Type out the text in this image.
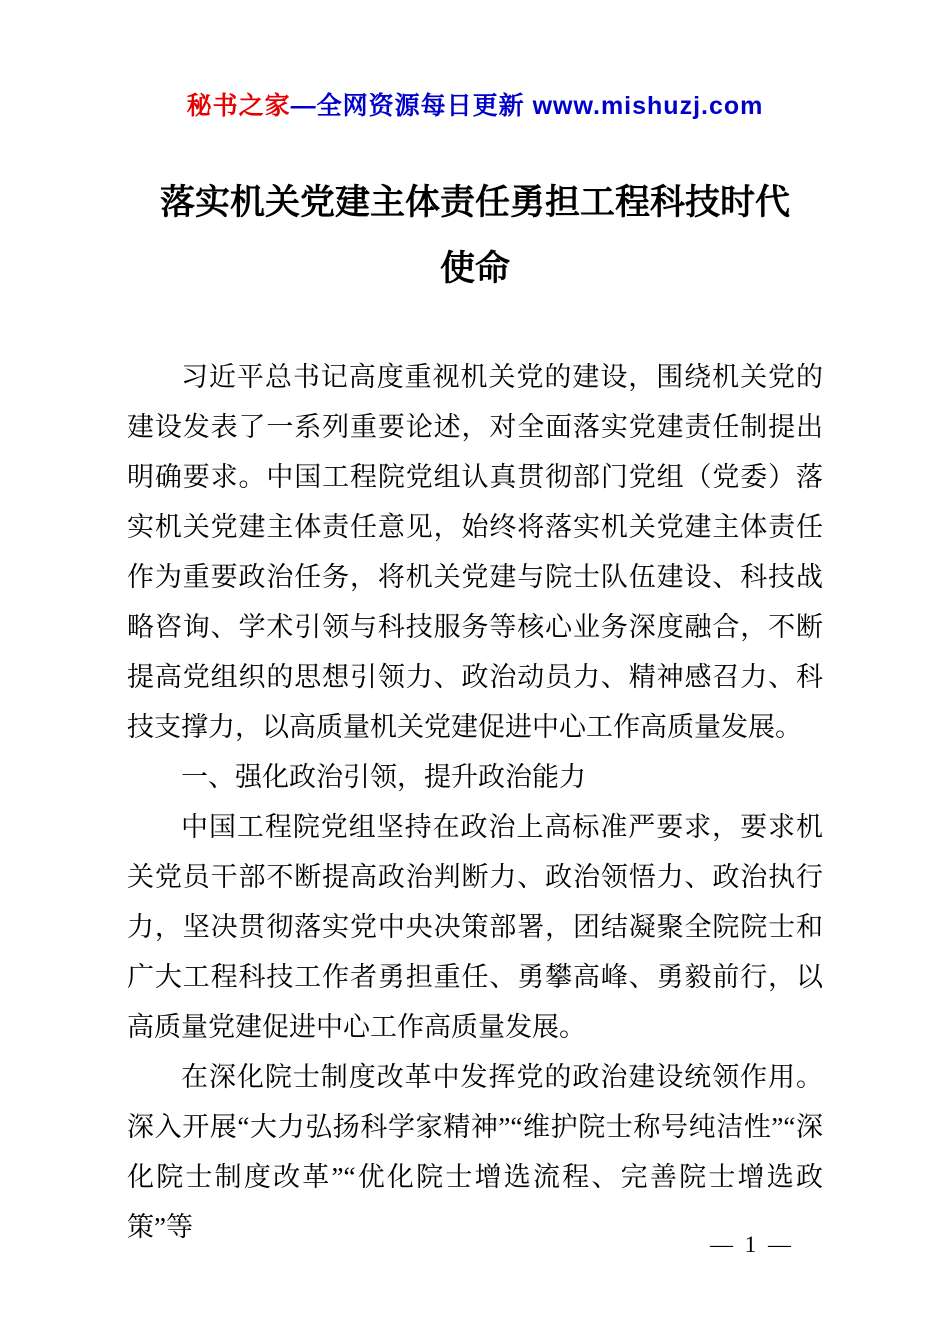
秘书之家—全网资源每日更新 www.mishuzj.com
落实机关党建主体责任勇担工程科技时代
使命

习近平总书记高度重视机关党的建设，围绕机关党的建设发表了一系列重要论述，对全面落实党建责任制提出明确要求。中国工程院党组认真贯彻部门党组（党委）落实机关党建主体责任意见，始终将落实机关党建主体责任作为重要政治任务，将机关党建与院士队伍建设、科技战略咨询、学术引领与科技服务等核心业务深度融合，不断提高党组织的思想引领力、政治动员力、精神感召力、科技支撑力，以高质量机关党建促进中心工作高质量发展。

一、强化政治引领，提升政治能力

中国工程院党组坚持在政治上高标准严要求，要求机关党员干部不断提高政治判断力、政治领悟力、政治执行力，坚决贯彻落实党中央决策部署，团结凝聚全院院士和广大工程科技工作者勇担重任、勇攀高峰、勇毅前行，以高质量党建促进中心工作高质量发展。

在深化院士制度改革中发挥党的政治建设统领作用。深入开展“大力弘扬科学家精神”“维护院士称号纯洁性”“深化院士制度改革”“优化院士增选流程、完善院士增选政策”等

— 1 —
